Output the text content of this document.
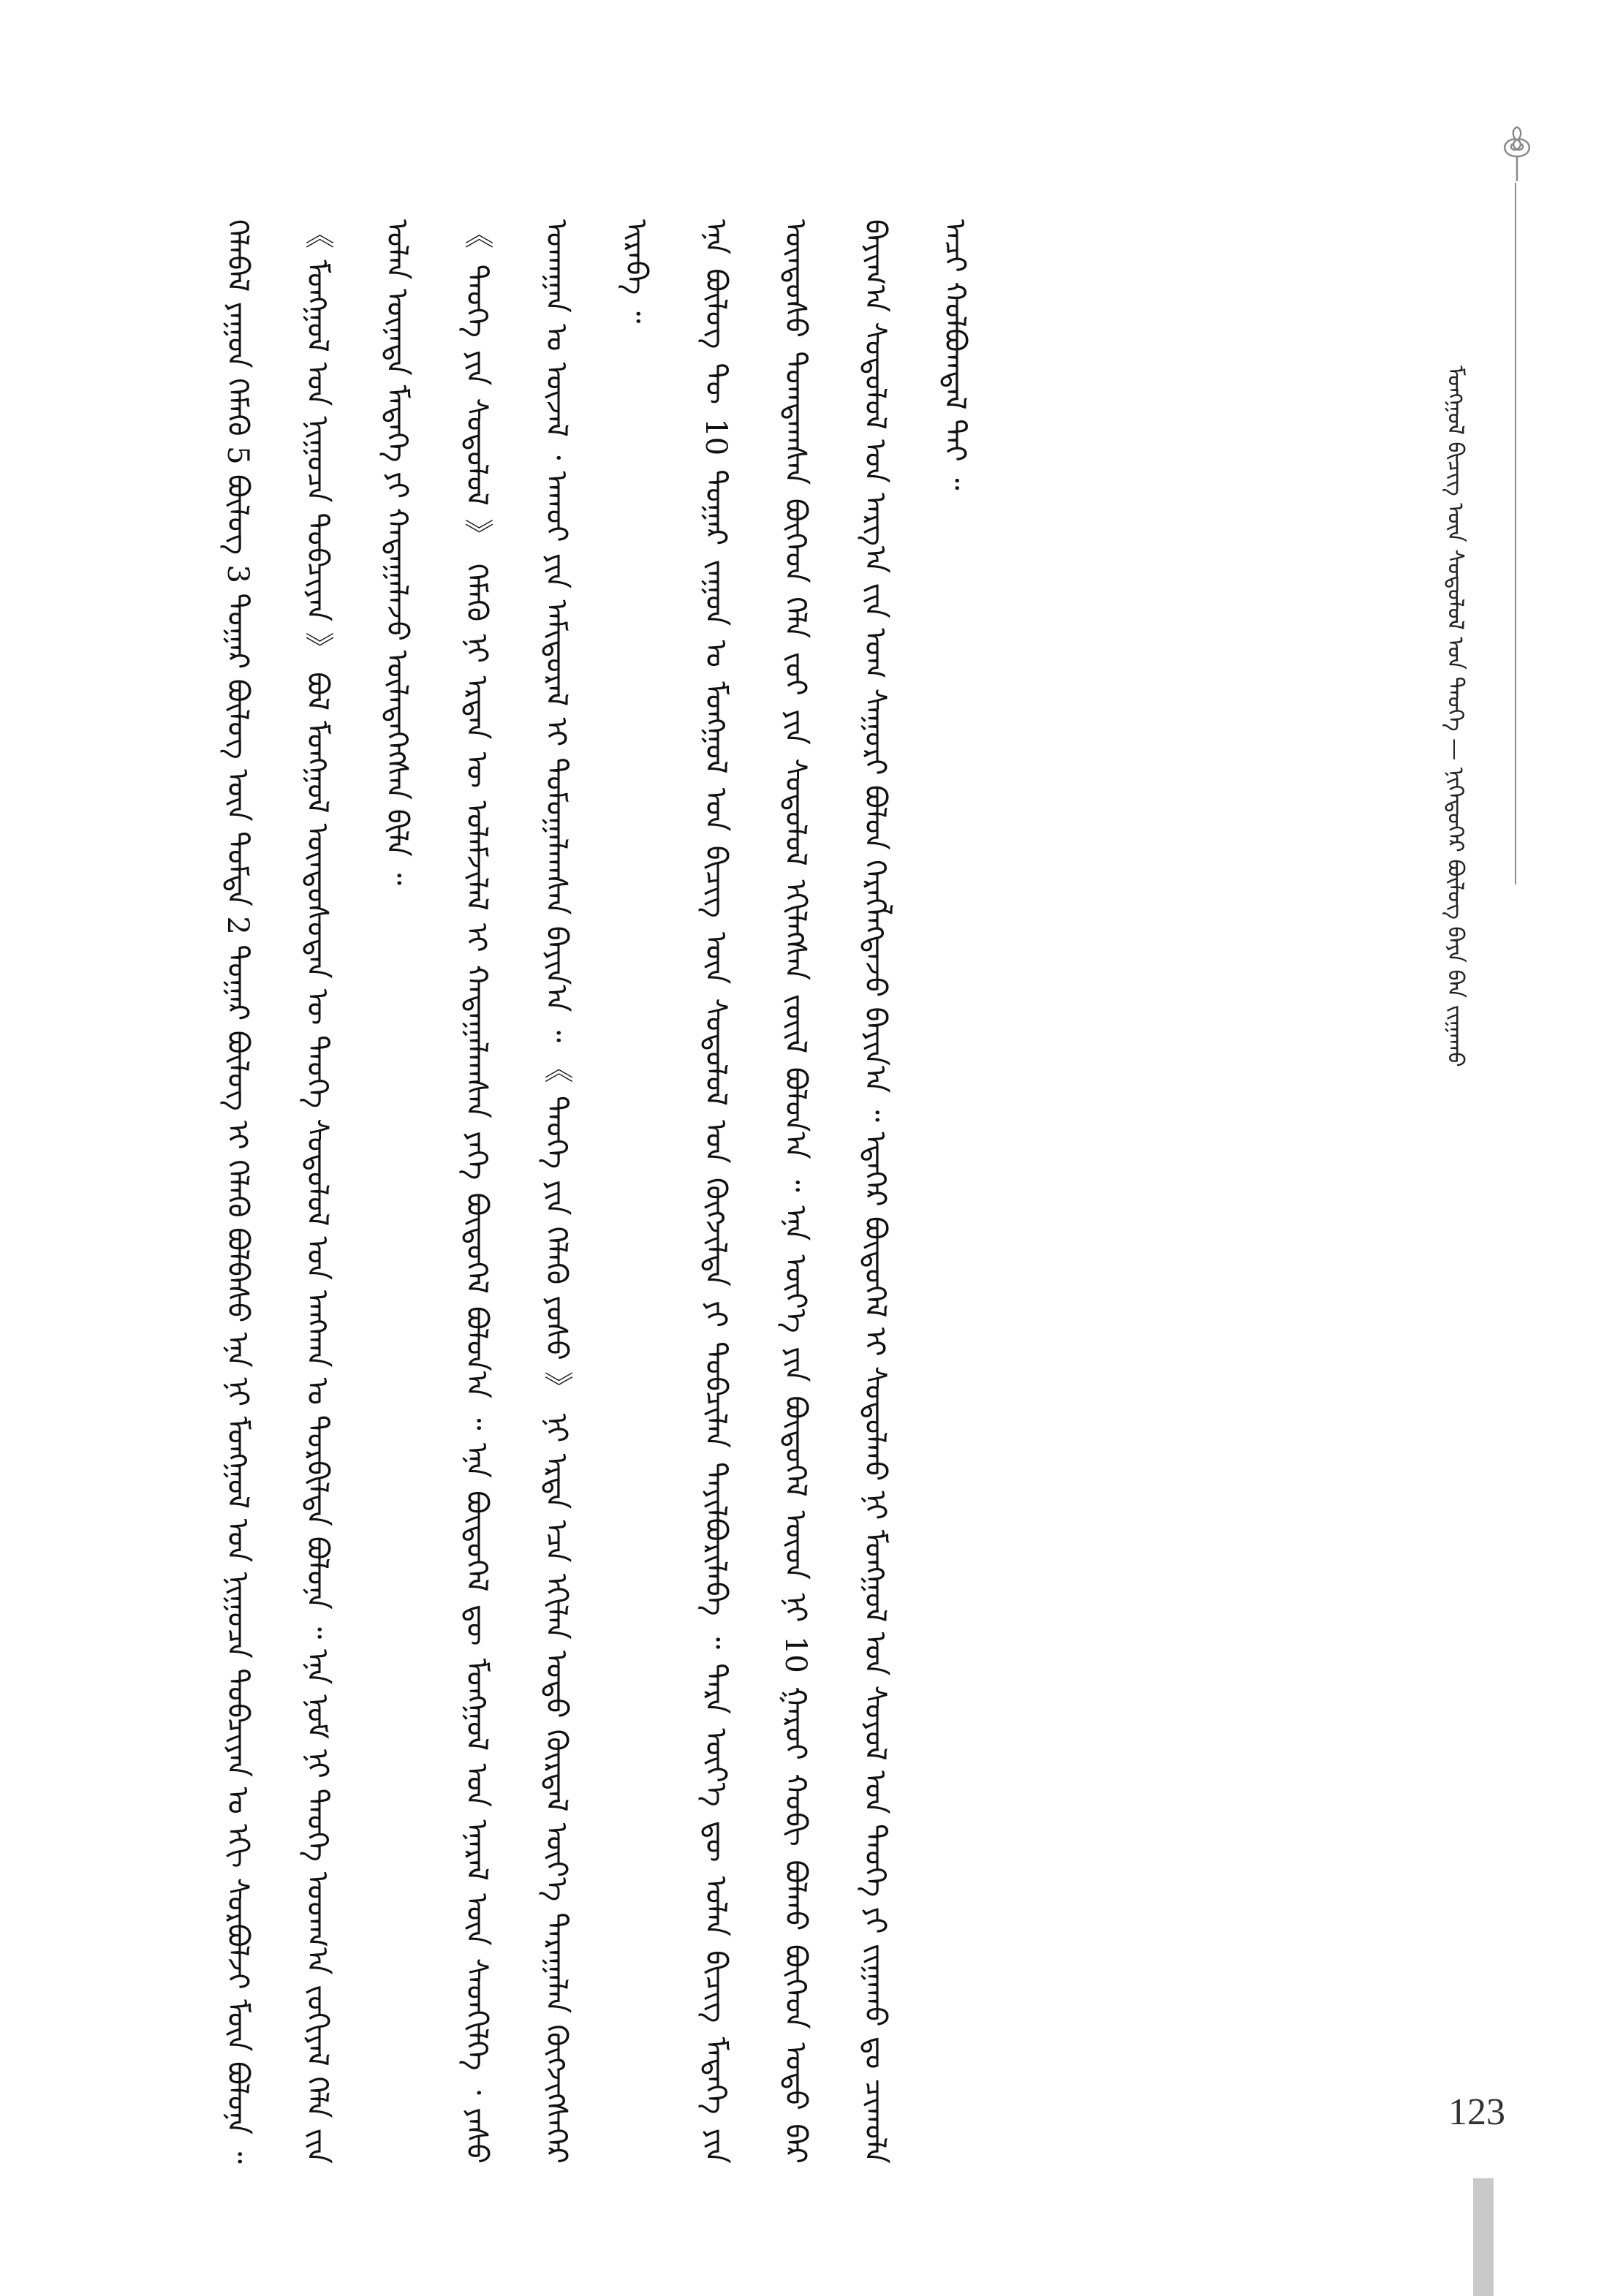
ᠮᠣᠩᠭᠣᠯ ᠪᠢᠴᠢᠭ ᠦᠨ ᠰᠤᠳᠤᠯᠤᠯ ᠤᠨ ᠲᠡᠦᠬᠡ — ᠨᠢᠭᠡᠳᠦᠭᠡᠷ ᠪᠦᠯᠦᠭ ᠪᠡᠶᠡ ᠪᠠᠨ ᠵᠢᠭᠠᠬᠤ

ᠬᠡᠯᠡᠪᠡᠯ ᠶᠠᠭᠤᠨ ᠬᠡᠮᠡᠬᠦ 5 ᠪᠦᠯᠦᠭ 3 ᠳᠤᠭᠠᠷ ᠪᠦᠯᠦᠭ ᠦᠨ ᠳᠤᠮᠳᠠ 2 ᠳᠤᠭᠠᠷ ᠪᠦᠯᠦᠭ ᠢ ᠬᠡᠯᠡᠬᠦ ᠪᠣᠯᠪᠠᠰᠤ ᠡᠨᠡ ᠨᠢ ᠮᠣᠩᠭᠣᠯ ᠤᠨ ᠨᠢᠭᠤᠴᠠ ᠲᠣᠪᠴᠢᠶᠠᠨ ᠤ ᠡᠬᠢ ᠰᠤᠷᠪᠤᠯᠵᠢ ᠮᠥᠨ ᠪᠣᠯᠤᠨᠠ ᠃ 《 ᠮᠣᠩᠭᠣᠯ ᠤᠨ ᠨᠢᠭᠤᠴᠠ ᠲᠣᠪᠴᠢᠶᠠᠨ 》 ᠪᠣᠯ ᠮᠣᠩᠭᠣᠯ ᠦᠨᠳᠦᠰᠦᠲᠡᠨ ᠦ ᠲᠡᠦᠬᠡ ᠰᠤᠳᠤᠯᠤᠯ ᠤᠨ ᠠᠩᠬᠠᠨ ᠤ ᠲᠤᠷᠪᠢᠯᠲᠠ ᠪᠣᠯᠤᠨᠠ ᠃ ᠡᠨᠡ ᠨᠣᠮ ᠨᠢ ᠲᠡᠦᠬᠡ ᠤᠳᠬ᠎ᠠ ᠵᠣᠬᠢᠶᠠᠯ ᠬᠡᠯᠡ ᠵᠢᠨ ᠣᠯᠠᠨ ᠦᠨᠡᠲᠡ ᠮᠡᠳᠡᠭᠡ ᠶᠢ ᠬᠠᠳᠠᠭᠠᠯᠠᠵᠤ ᠦᠯᠡᠳᠡᠭᠡᠭᠰᠡᠨ ᠪᠢᠯᠡ ᠃	《 ᠲᠡᠦᠬᠡ ᠶᠢᠨ ᠰᠤᠳᠤᠯᠤᠯ 》 ᠬᠡᠮᠡᠬᠦ ᠨᠢ ᠡᠷᠲᠡᠨ ᠦ ᠤᠯᠠᠮᠵᠢᠯᠠᠯ ᠢ ᠬᠠᠳᠠᠭᠠᠯᠠᠭᠰᠠᠨ ᠶᠡᠬᠡ ᠪᠦᠲᠦᠭᠡᠯ ᠪᠣᠯᠤᠨ᠎ᠠ ᠃ ᠡᠨᠡ ᠪᠦᠲᠦᠭᠡᠯ ᠳᠦ ᠮᠣᠩᠭᠣᠯ ᠤᠨ ᠡᠨᠡᠷᠡᠯ ᠦᠨ ᠰᠡᠳᠬᠢᠯᠭᠡ ᠂ ᠶᠠᠰᠤ ᠤᠬᠠᠭᠠᠨ ᠤ ᠦᠵᠡᠯ ᠂ ᠠᠬᠤᠢ ᠶᠢᠨ ᠠᠮᠢᠳᠤᠷᠠᠯ ᠢ ᠲᠤᠮᠤᠭᠠᠯᠠᠭᠰᠠᠨ ᠪᠠᠶᠢᠨ᠎ᠠ ᠃ 《 ᠲᠡᠦᠬᠡ ᠶᠢᠨ ᠬᠡᠯᠡᠬᠦ ᠶᠤᠰᠤ 》 ᠨᠢ ᠡᠷᠲᠡ ᠡᠴᠡ ᠡᠬᠢᠯᠡᠨ ᠣᠳᠣ ᠬᠦᠷᠲᠡᠯ ᠦᠶ᠎ᠡ ᠳᠠᠷᠠᠭᠠᠯᠠᠨ ᠬᠥᠭᠵᠢᠭᠰᠡᠭᠡᠷ ᠢᠷᠡᠪᠡ ᠃	ᠡᠨᠡ ᠪᠦᠯᠦᠭ ᠲᠦ 10 ᠳᠤᠭᠠᠷ ᠵᠠᠭᠤᠨ ᠤ ᠮᠣᠩᠭᠣᠯ ᠤᠨ ᠪᠢᠴᠢᠭ ᠦᠨ ᠰᠤᠳᠤᠯᠤᠯ ᠤᠨ ᠬᠥᠭᠵᠢᠯᠲᠡ ᠶᠢ ᠲᠣᠪᠴᠢᠯᠠᠨ ᠲᠠᠶᠢᠯᠪᠤᠷᠢᠯᠠᠪᠠ ᠃ ᠲᠡᠷᠡ ᠦᠶ᠎ᠡ ᠳᠦ ᠣᠯᠠᠨ ᠪᠢᠴᠢᠭ ᠮᠡᠳᠡᠭᠡ ᠶᠢᠨ ᠦᠨᠳᠦᠰᠦ ᠲᠣᠭᠲᠠᠭᠰᠠᠨ ᠪᠥᠭᠡᠳ ᠬᠡᠯᠡ ᠵᠤᠢ ᠶᠢᠨ ᠰᠤᠳᠤᠯᠤᠯ ᠡᠬᠢᠯᠡᠭᠰᠡᠨ ᠵᠦᠢᠯ ᠪᠣᠯᠤᠨ᠎ᠠ ᠃ ᠡᠨᠡ ᠦᠶ᠎ᠡ ᠶᠢᠨ ᠪᠦᠲᠦᠭᠡᠯ ᠦᠳ ᠨᠢ 10 ᠭᠠᠷᠤᠢ ᠬᠤᠪᠢ ᠪᠣᠯᠬᠤ ᠪᠥᠭᠡᠳ ᠣᠳᠣ ᠪᠠᠷ ᠪᠠᠶᠢᠭ᠎ᠠ ᠰᠤᠳᠤᠯᠤᠯ ᠤᠨ ᠠᠷᠭ᠎ᠠ ᠵᠢᠨ ᠤᠭ ᠰᠠᠭᠤᠷᠢ ᠪᠣᠯᠤᠨ ᠬᠡᠷᠡᠭᠯᠡᠭᠳᠡᠵᠦ ᠪᠠᠶᠢᠨ᠎ᠠ ᠃ ᠡᠳᠡᠭᠡᠷ ᠪᠦᠲᠦᠭᠡᠯ ᠢ ᠰᠤᠳᠤᠯᠬᠤ ᠨᠢ ᠮᠣᠩᠭᠣᠯ ᠤᠨ ᠰᠣᠶᠣᠯ ᠤᠨ ᠲᠡᠦᠬᠡ ᠶᠢ ᠵᠢᠭᠠᠬᠤ ᠳᠤ ᠴᠢᠬᠤᠯᠠ ᠠᠴᠢ ᠬᠣᠯᠪᠣᠭᠳᠠᠯ ᠲᠠᠢ ᠃

123
